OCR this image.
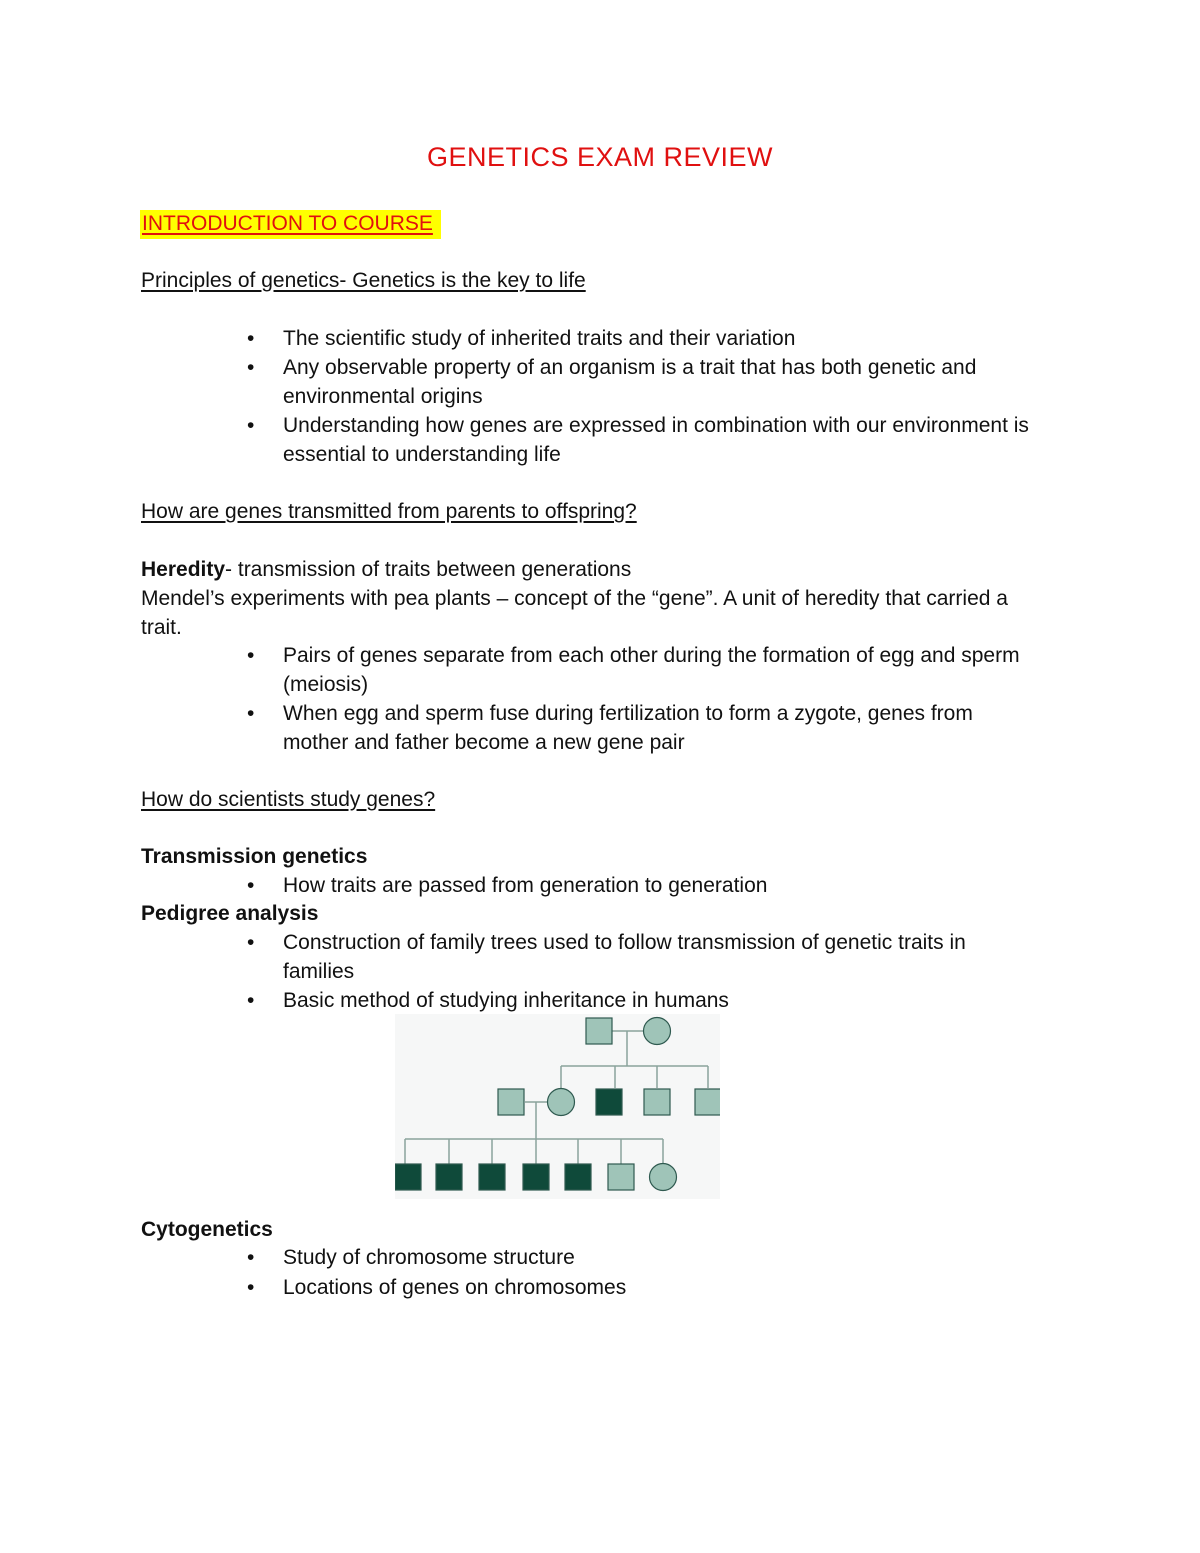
GENETICS EXAM REVIEW
INTRODUCTION TO COURSE
Principles of genetics- Genetics is the key to life
•	The scientific study of inherited traits and their variation
•	Any observable property of an organism is a trait that has both genetic and environmental origins
•	Understanding how genes are expressed in combination with our environment is essential to understanding life
How are genes transmitted from parents to offspring?
Heredity- transmission of traits between generations
Mendel’s experiments with pea plants – concept of the “gene”. A unit of heredity that carried a
trait.
•	Pairs of genes separate from each other during the formation of egg and sperm (meiosis)
•	When egg and sperm fuse during fertilization to form a zygote, genes from mother and father become a new gene pair
How do scientists study genes?
Transmission genetics
•	How traits are passed from generation to generation
Pedigree analysis
•	Construction of family trees used to follow transmission of genetic traits in families
•	Basic method of studying inheritance in humans
Cytogenetics
•	Study of chromosome structure
•	Locations of genes on chromosomes
